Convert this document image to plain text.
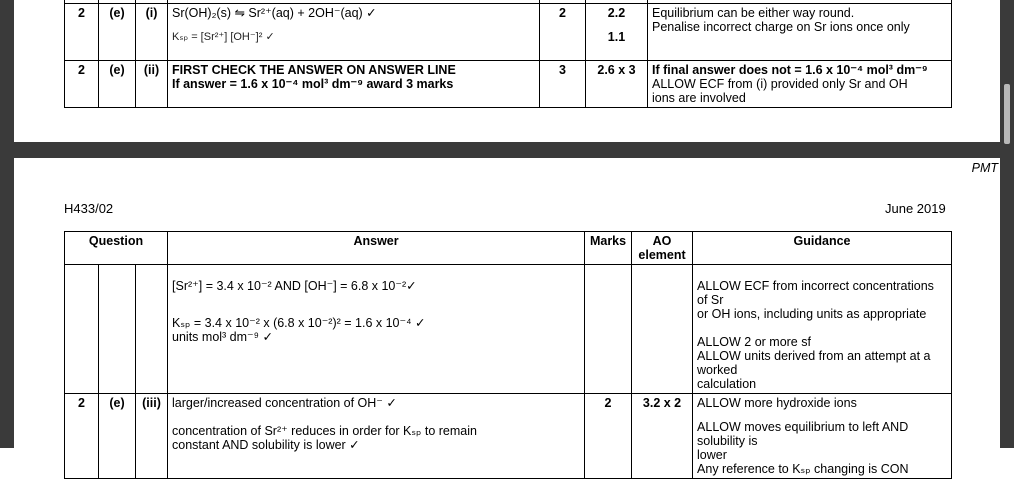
2	(e)	(i)	Sr(OH)₂(s) ⇋ Sr²⁺(aq) + 2OH⁻(aq) ✓
Kₛₚ = [Sr²⁺] [OH⁻]² ✓	2	2.2
1.1	Equilibrium can be either way round.
Penalise incorrect charge on Sr ions once only

2	(e)	(ii)	FIRST CHECK THE ANSWER ON ANSWER LINE
If answer = 1.6 x 10⁻⁴ mol³ dm⁻⁹ award 3 marks	3	2.6 x 3	If final answer does not = 1.6 x 10⁻⁴ mol³ dm⁻⁹
ALLOW ECF from (i) provided only Sr and OH
ions are involved
PMT
H433/02	June 2019
Question			Answer	Marks	AO element	Guidance

			[Sr²⁺] = 3.4 x 10⁻² AND [OH⁻] = 6.8 x 10⁻²✓
Kₛₚ = 3.4 x 10⁻² x (6.8 x 10⁻²)² = 1.6 x 10⁻⁴ ✓
units mol³ dm⁻⁹ ✓			ALLOW ECF from incorrect concentrations of Sr
or OH ions, including units as appropriate
ALLOW 2 or more sf
ALLOW units derived from an attempt at a worked
calculation

2	(e)	(iii)	larger/increased concentration of OH⁻ ✓
concentration of Sr²⁺ reduces in order for Kₛₚ to remain
constant AND solubility is lower ✓	2	3.2 x 2	ALLOW more hydroxide ions
ALLOW moves equilibrium to left AND solubility is
lower
Any reference to Kₛₚ changing is CON
